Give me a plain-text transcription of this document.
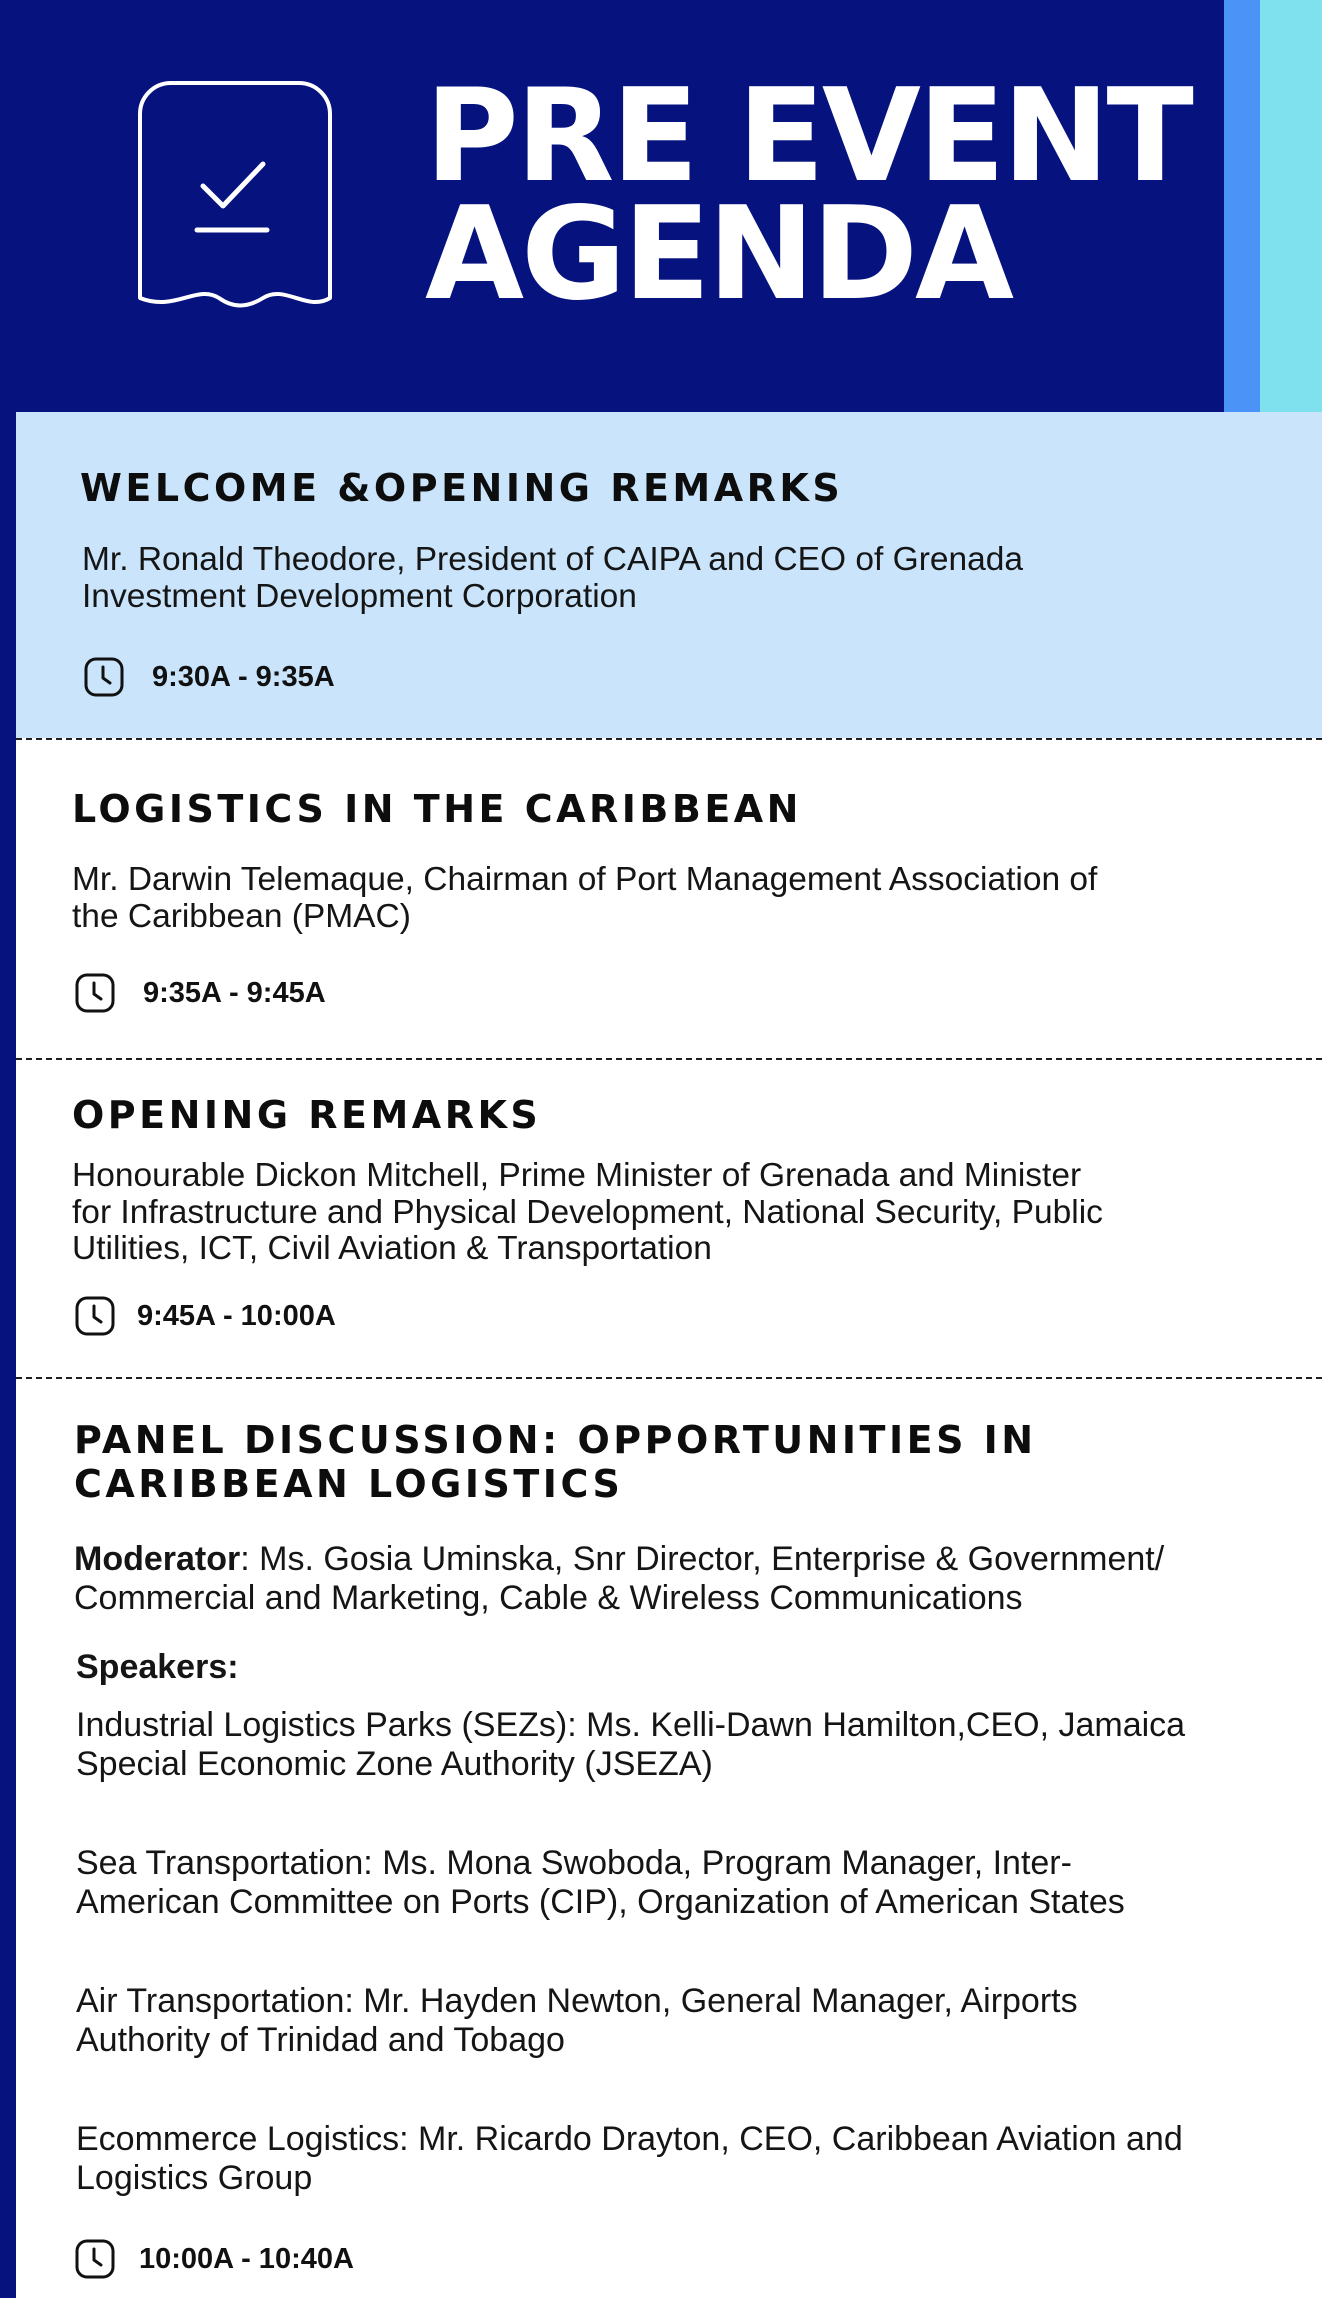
PRE EVENT
AGENDA
WELCOME &OPENING REMARKS
Mr. Ronald Theodore, President of CAIPA and CEO of Grenada
Investment Development Corporation
9:30A - 9:35A
LOGISTICS IN THE CARIBBEAN
Mr. Darwin Telemaque, Chairman of Port Management Association of
the Caribbean (PMAC)
9:35A - 9:45A
OPENING REMARKS
Honourable Dickon Mitchell, Prime Minister of Grenada and Minister
for Infrastructure and Physical Development, National Security, Public
Utilities, ICT, Civil Aviation & Transportation
9:45A - 10:00A
PANEL DISCUSSION: OPPORTUNITIES IN
CARIBBEAN LOGISTICS
Moderator: Ms. Gosia Uminska, Snr Director, Enterprise & Government/
Commercial and Marketing, Cable & Wireless Communications
Speakers:
Industrial Logistics Parks (SEZs): Ms. Kelli-Dawn Hamilton,CEO, Jamaica
Special Economic Zone Authority (JSEZA)
Sea Transportation: Ms. Mona Swoboda, Program Manager, Inter-
American Committee on Ports (CIP), Organization of American States
Air Transportation: Mr. Hayden Newton, General Manager, Airports
Authority of Trinidad and Tobago
Ecommerce Logistics: Mr. Ricardo Drayton, CEO, Caribbean Aviation and
Logistics Group
10:00A - 10:40A
